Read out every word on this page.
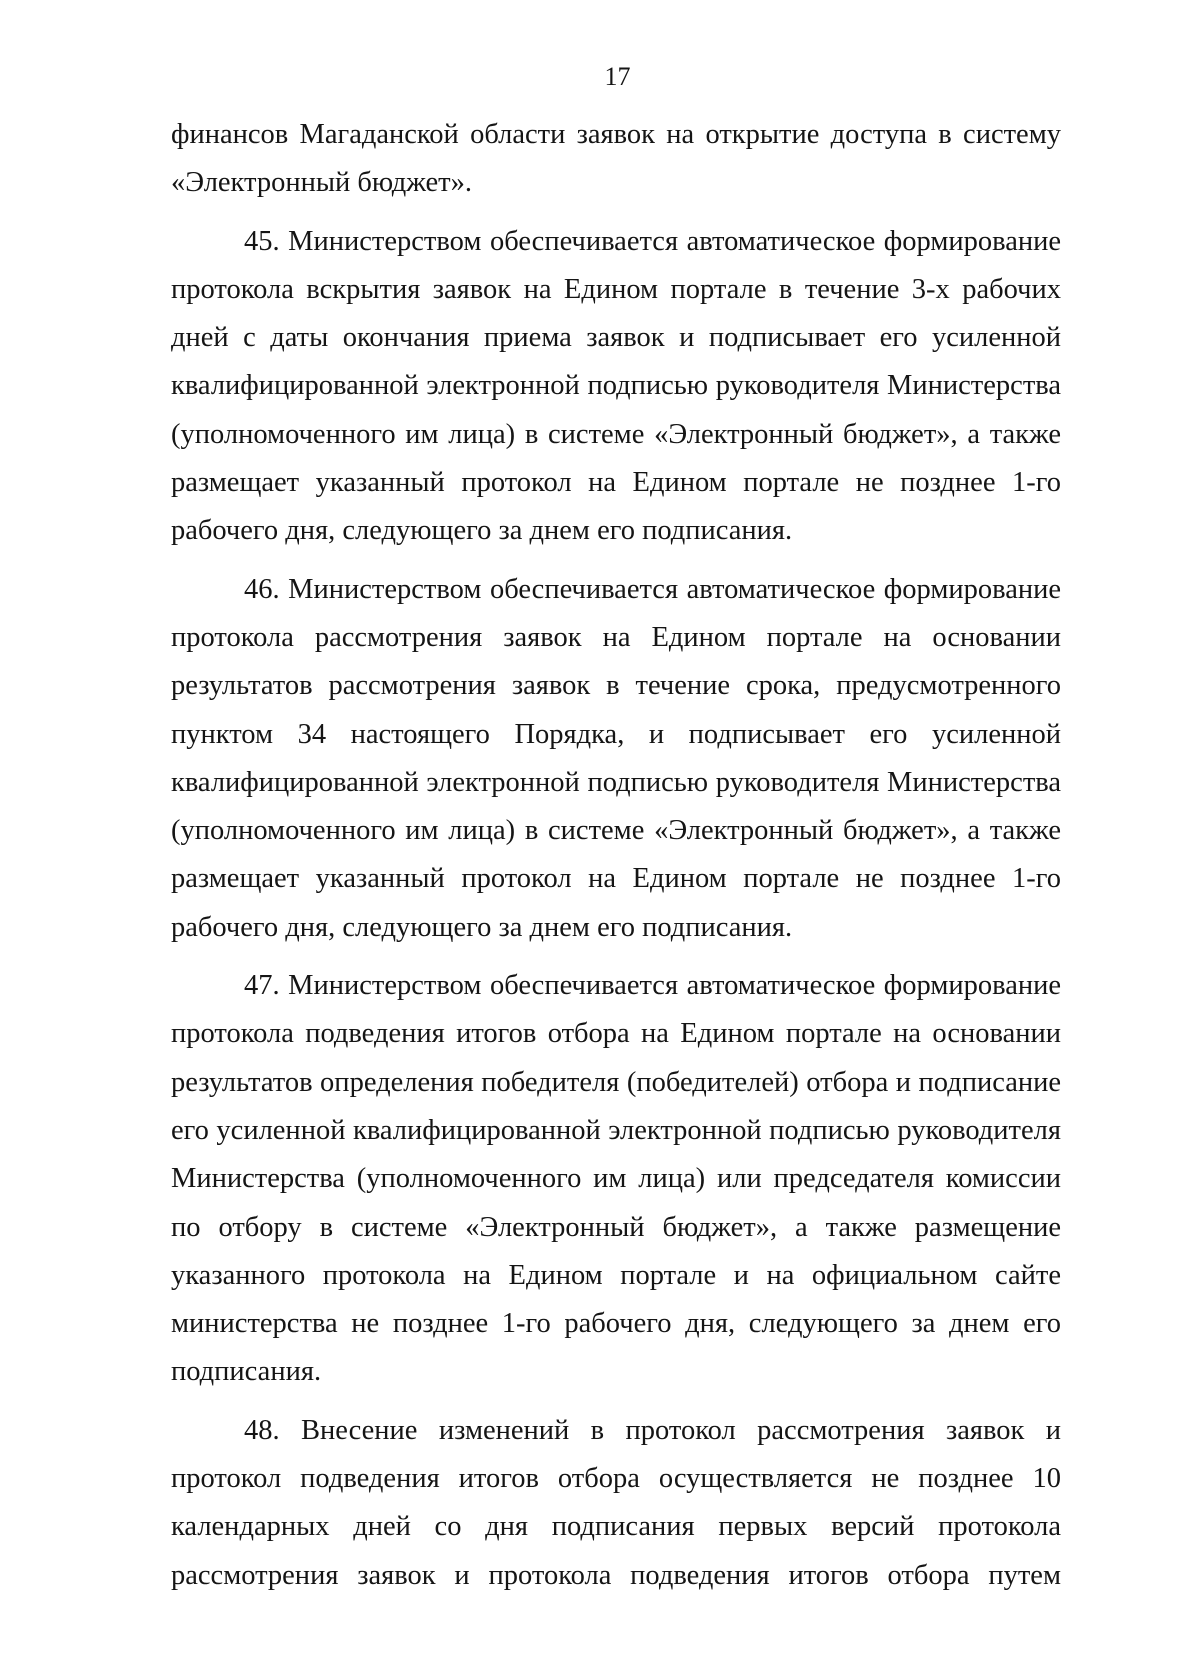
17

финансов Магаданской области заявок на открытие доступа в систему «Электронный бюджет».

45. Министерством обеспечивается автоматическое формирование протокола вскрытия заявок на Едином портале в течение 3-х рабочих дней с даты окончания приема заявок и подписывает его усиленной квалифицированной электронной подписью руководителя Министерства (уполномоченного им лица) в системе «Электронный бюджет», а также размещает указанный протокол на Едином портале не позднее 1-го рабочего дня, следующего за днем его подписания.

46. Министерством обеспечивается автоматическое формирование протокола рассмотрения заявок на Едином портале на основании результатов рассмотрения заявок в течение срока, предусмотренного пунктом 34 настоящего Порядка, и подписывает его усиленной квалифицированной электронной подписью руководителя Министерства (уполномоченного им лица) в системе «Электронный бюджет», а также размещает указанный протокол на Едином портале не позднее 1-го рабочего дня, следующего за днем его подписания.

47. Министерством обеспечивается автоматическое формирование протокола подведения итогов отбора на Едином портале на основании результатов определения победителя (победителей) отбора и подписание его усиленной квалифицированной электронной подписью руководителя Министерства (уполномоченного им лица) или председателя комиссии по отбору в системе «Электронный бюджет», а также размещение указанного протокола на Едином портале и на официальном сайте министерства не позднее 1-го рабочего дня, следующего за днем его подписания.

48. Внесение изменений в протокол рассмотрения заявок и протокол подведения итогов отбора осуществляется не позднее 10 календарных дней со дня подписания первых версий протокола рассмотрения заявок и протокола подведения итогов отбора путем
